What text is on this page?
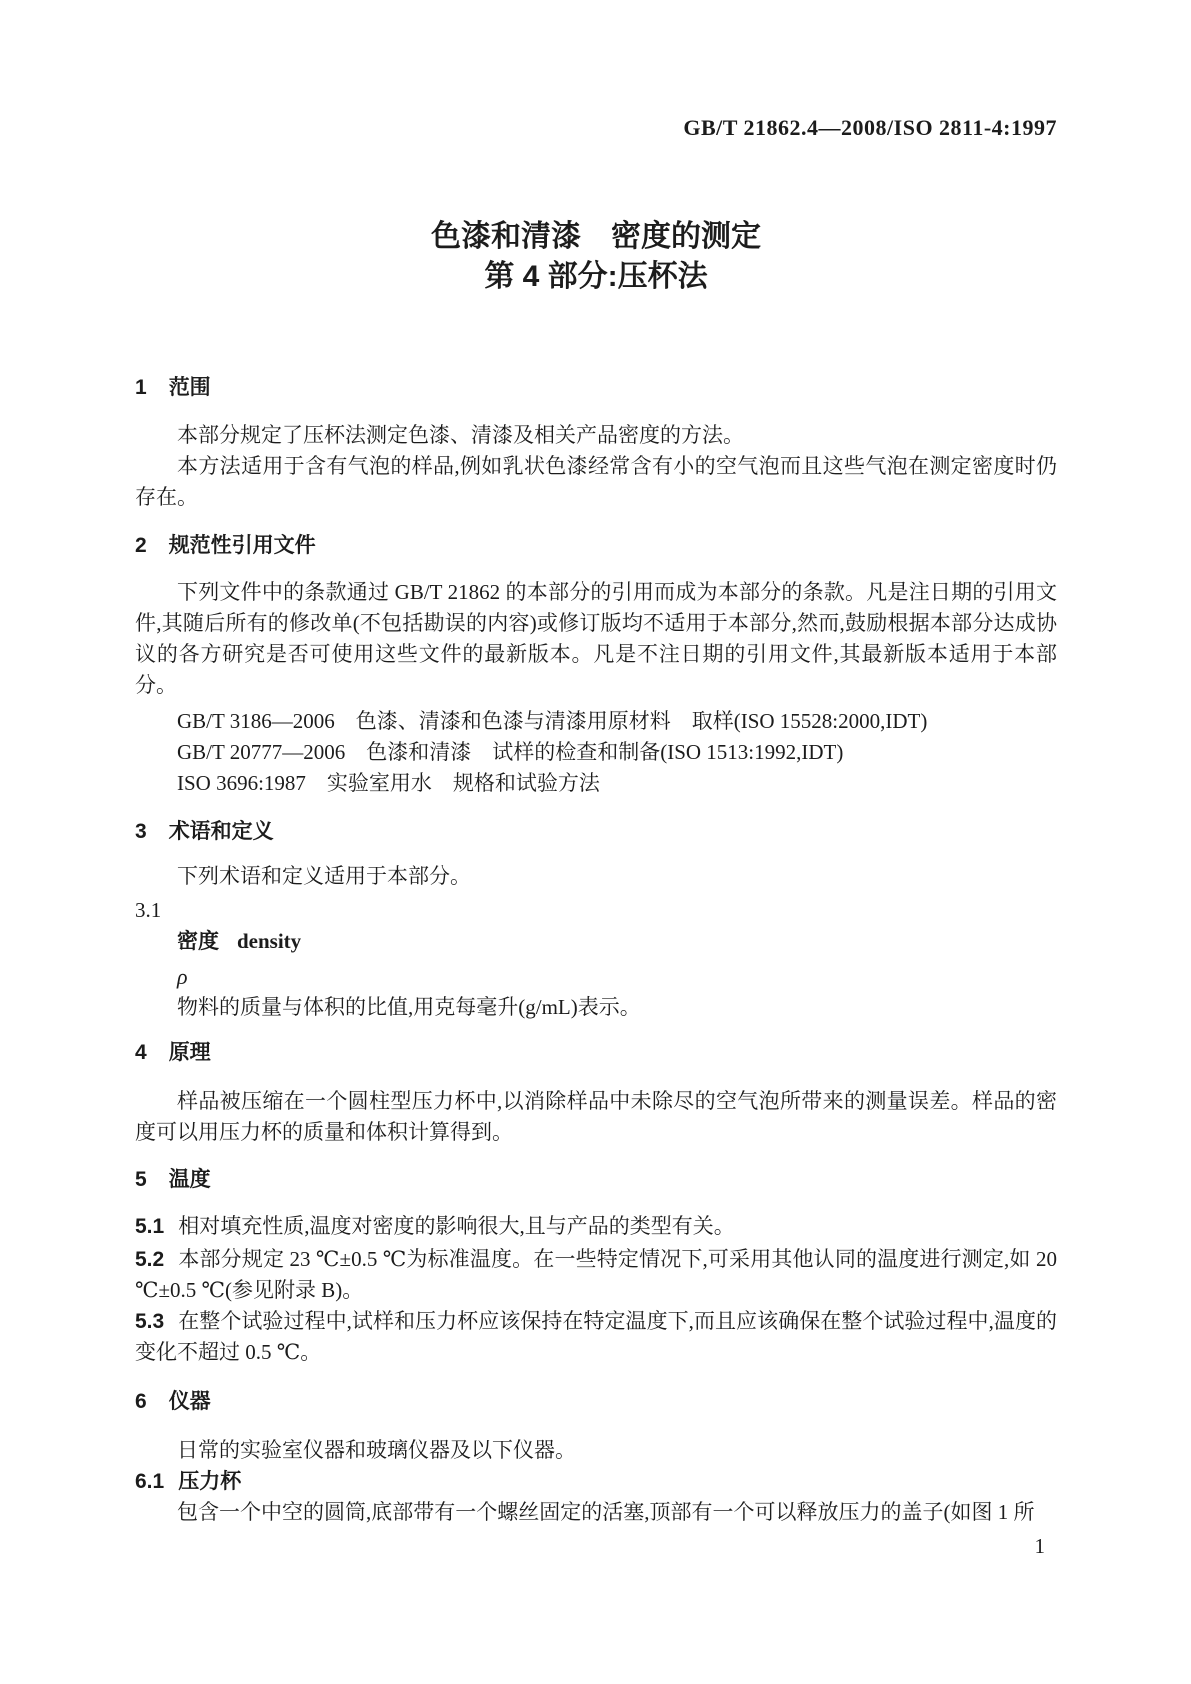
GB/T 21862.4—2008/ISO 2811-4:1997
色漆和清漆　密度的测定
第 4 部分:压杯法
1 范围

本部分规定了压杯法测定色漆、清漆及相关产品密度的方法。

本方法适用于含有气泡的样品,例如乳状色漆经常含有小的空气泡而且这些气泡在测定密度时仍存在。

2 规范性引用文件

下列文件中的条款通过 GB/T 21862 的本部分的引用而成为本部分的条款。凡是注日期的引用文件,其随后所有的修改单(不包括勘误的内容)或修订版均不适用于本部分,然而,鼓励根据本部分达成协议的各方研究是否可使用这些文件的最新版本。凡是不注日期的引用文件,其最新版本适用于本部分。

GB/T 3186—2006　色漆、清漆和色漆与清漆用原材料　取样(ISO 15528:2000,IDT)

GB/T 20777—2006　色漆和清漆　试样的检查和制备(ISO 1513:1992,IDT)

ISO 3696:1987　实验室用水　规格和试验方法

3 术语和定义

下列术语和定义适用于本部分。

3.1

密度 density

ρ

物料的质量与体积的比值,用克每毫升(g/mL)表示。

4 原理

样品被压缩在一个圆柱型压力杯中,以消除样品中未除尽的空气泡所带来的测量误差。样品的密度可以用压力杯的质量和体积计算得到。

5 温度

5.1 相对填充性质,温度对密度的影响很大,且与产品的类型有关。

5.2 本部分规定 23 ℃±0.5 ℃为标准温度。在一些特定情况下,可采用其他认同的温度进行测定,如 20 ℃±0.5 ℃(参见附录 B)。

5.3 在整个试验过程中,试样和压力杯应该保持在特定温度下,而且应该确保在整个试验过程中,温度的变化不超过 0.5 ℃。

6 仪器

日常的实验室仪器和玻璃仪器及以下仪器。

6.1 压力杯

包含一个中空的圆筒,底部带有一个螺丝固定的活塞,顶部有一个可以释放压力的盖子(如图 1 所

1
